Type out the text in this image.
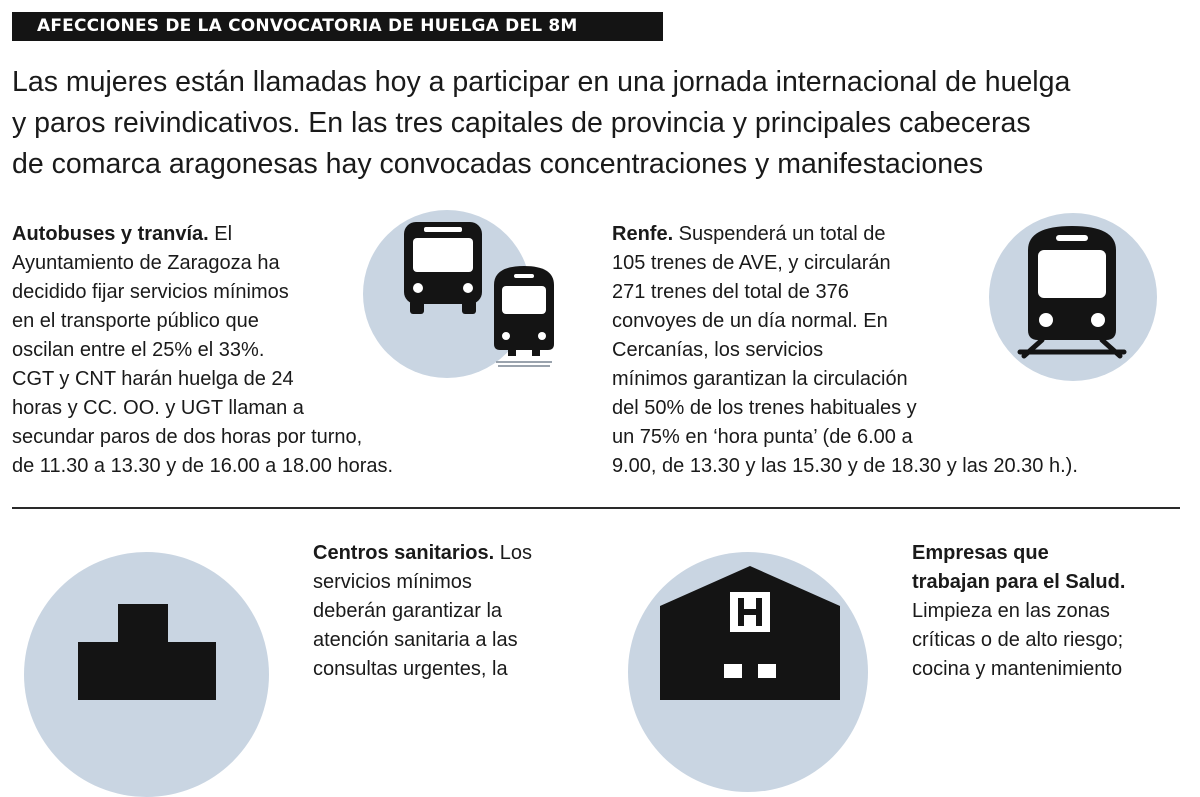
AFECCIONES DE LA CONVOCATORIA DE HUELGA DEL 8M
Las mujeres están llamadas hoy a participar en una jornada internacional de huelga
y paros reivindicativos. En las tres capitales de provincia y principales cabeceras
de comarca aragonesas hay convocadas concentraciones y manifestaciones
Autobuses y tranvía. El
Ayuntamiento de Zaragoza ha
decidido fijar servicios mínimos
en el transporte público que
oscilan entre el 25% el 33%.
CGT y CNT harán huelga de 24
horas y CC. OO. y UGT llaman a
secundar paros de dos horas por turno,
de 11.30 a 13.30 y de 16.00 a 18.00 horas.
Renfe. Suspenderá un total de
105 trenes de AVE, y circularán
271 trenes del total de 376
convoyes de un día normal. En
Cercanías, los servicios
mínimos garantizan la circulación
del 50% de los trenes habituales y
un 75% en ‘hora punta’ (de 6.00 a
9.00, de 13.30 y las 15.30 y de 18.30 y las 20.30 h.).
Centros sanitarios. Los
servicios mínimos
deberán garantizar la
atención sanitaria a las
consultas urgentes, la
Empresas que
trabajan para el Salud.
Limpieza en las zonas
críticas o de alto riesgo;
cocina y mantenimiento
